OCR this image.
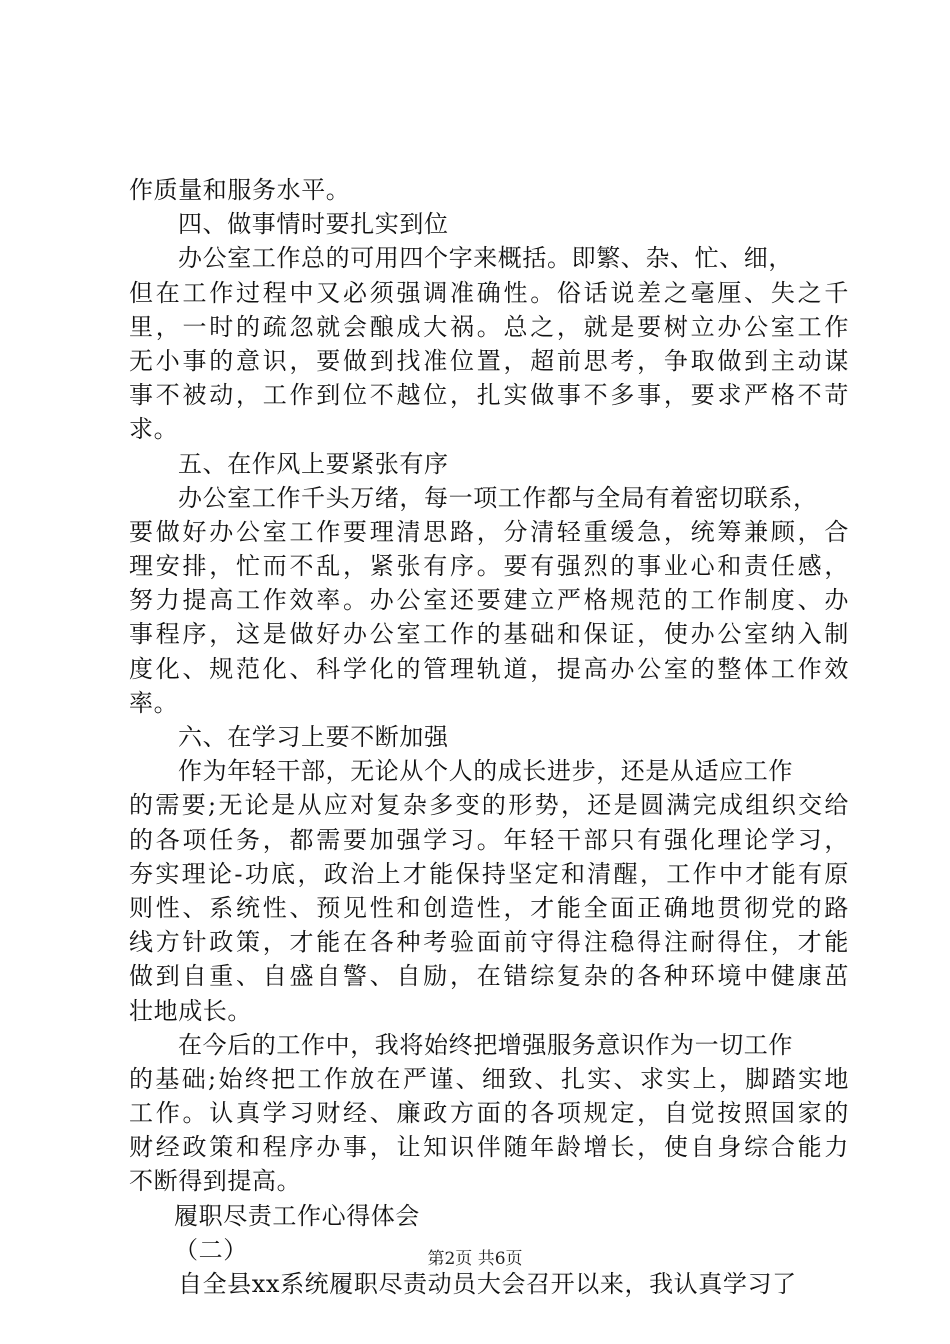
作质量和服务水平。
四、做事情时要扎实到位
办公室工作总的可用四个字来概括。即繁、杂、忙、细，
但在工作过程中又必须强调准确性。俗话说差之毫厘、失之千
里，一时的疏忽就会酿成大祸。总之，就是要树立办公室工作
无小事的意识，要做到找准位置，超前思考，争取做到主动谋
事不被动，工作到位不越位，扎实做事不多事，要求严格不苛
求。
五、在作风上要紧张有序
办公室工作千头万绪，每一项工作都与全局有着密切联系，
要做好办公室工作要理清思路，分清轻重缓急，统筹兼顾，合
理安排，忙而不乱，紧张有序。要有强烈的事业心和责任感，
努力提高工作效率。办公室还要建立严格规范的工作制度、办
事程序，这是做好办公室工作的基础和保证，使办公室纳入制
度化、规范化、科学化的管理轨道，提高办公室的整体工作效
率。
六、在学习上要不断加强
作为年轻干部，无论从个人的成长进步，还是从适应工作
的需要;无论是从应对复杂多变的形势，还是圆满完成组织交给
的各项任务，都需要加强学习。年轻干部只有强化理论学习，
夯实理论-功底，政治上才能保持坚定和清醒，工作中才能有原
则性、系统性、预见性和创造性，才能全面正确地贯彻党的路
线方针政策，才能在各种考验面前守得注稳得注耐得住，才能
做到自重、自盛自警、自励，在错综复杂的各种环境中健康茁
壮地成长。
在今后的工作中，我将始终把增强服务意识作为一切工作
的基础;始终把工作放在严谨、细致、扎实、求实上，脚踏实地
工作。认真学习财经、廉政方面的各项规定，自觉按照国家的
财经政策和程序办事，让知识伴随年龄增长，使自身综合能力
不断得到提高。
履职尽责工作心得体会
（二）
自全县xx系统履职尽责动员大会召开以来，我认真学习了
第2页 共6页
